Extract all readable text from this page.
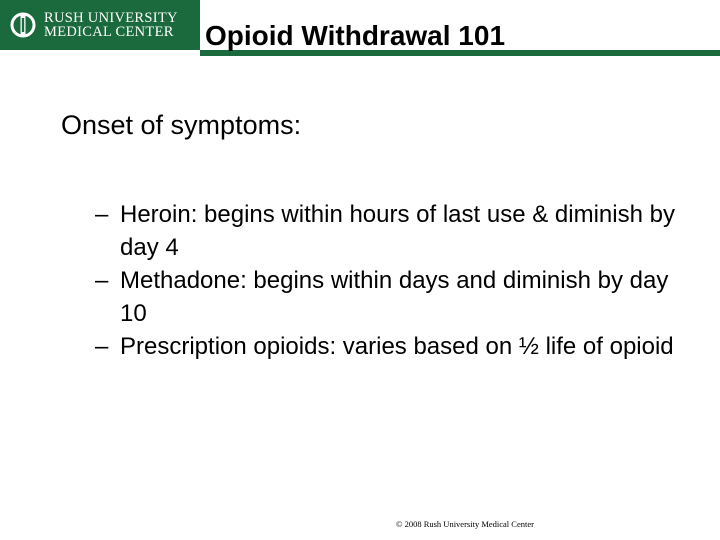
RUSH UNIVERSITY
MEDICAL CENTER Opioid Withdrawal 101
Onset of symptoms:
– Heroin: begins within hours of last use & diminish by day 4
– Methadone: begins within days and diminish by day 10
– Prescription opioids: varies based on ½ life of opioid
© 2008 Rush University Medical Center
